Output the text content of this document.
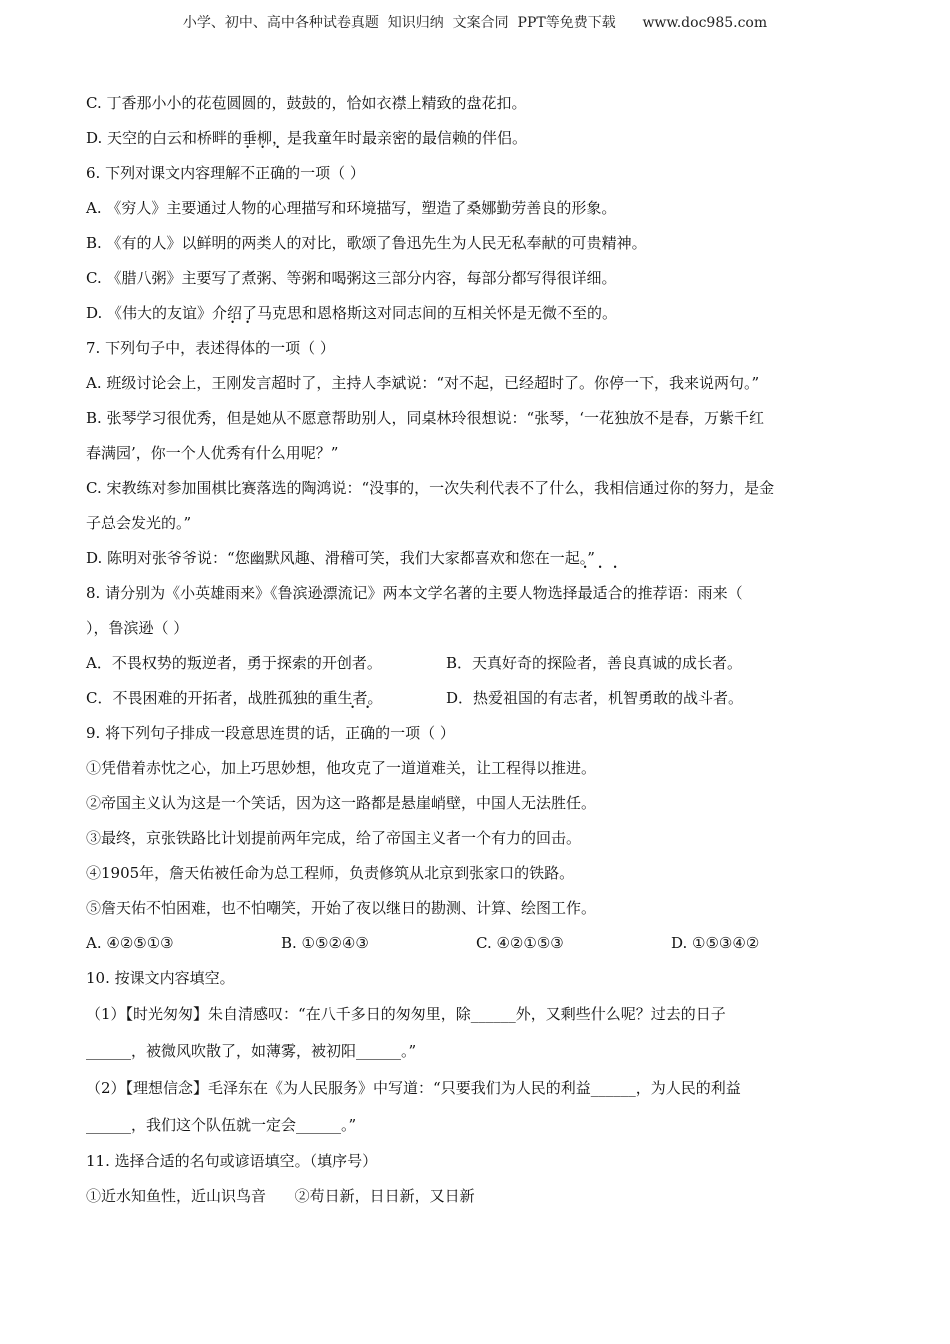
小学、初中、高中各种试卷真题  知识归纳  文案合同  PPT等免费下载      www.doc985.com
C. 丁香那小小的花苞圆圆的，鼓鼓的，恰如衣襟上精致的盘花扣。
D. 天空的白云和桥畔的垂柳，是我童年时最亲密的最信赖的伴侣。
6. 下列对课文内容理解不正确的一项（ ）
A. 《穷人》主要通过人物的心理描写和环境描写，塑造了桑娜勤劳善良的形象。
B. 《有的人》以鲜明的两类人的对比，歌颂了鲁迅先生为人民无私奉献的可贵精神。
C. 《腊八粥》主要写了煮粥、等粥和喝粥这三部分内容，每部分都写得很详细。
D. 《伟大的友谊》介绍了马克思和恩格斯这对同志间的互相关怀是无微不至的。
7. 下列句子中，表述得体的一项（ ）
A. 班级讨论会上，王刚发言超时了，主持人李斌说：“对不起，已经超时了。你停一下，我来说两句。”
B. 张琴学习很优秀，但是她从不愿意帮助别人，同桌林玲很想说：“张琴，‘一花独放不是春，万紫千红
春满园’，你一个人优秀有什么用呢？”
C. 宋教练对参加围棋比赛落选的陶鸿说：“没事的，一次失利代表不了什么，我相信通过你的努力，是金
子总会发光的。”
D. 陈明对张爷爷说：“您幽默风趣、滑稽可笑，我们大家都喜欢和您在一起。”
8. 请分别为《小英雄雨来》《鲁滨逊漂流记》两本文学名著的主要人物选择最适合的推荐语：雨来（
），鲁滨逊（ ）
A．不畏权势的叛逆者，勇于探索的开创者。	B．天真好奇的探险者，善良真诚的成长者。
C．不畏困难的开拓者，战胜孤独的重生者。	D．热爱祖国的有志者，机智勇敢的战斗者。
9. 将下列句子排成一段意思连贯的话，正确的一项（ ）
①凭借着赤忱之心，加上巧思妙想，他攻克了一道道难关，让工程得以推进。
②帝国主义认为这是一个笑话，因为这一路都是悬崖峭壁，中国人无法胜任。
③最终，京张铁路比计划提前两年完成，给了帝国主义者一个有力的回击。
④1905年，詹天佑被任命为总工程师，负责修筑从北京到张家口的铁路。
⑤詹天佑不怕困难，也不怕嘲笑，开始了夜以继日的勘测、计算、绘图工作。
A. ④②⑤①③	B. ①⑤②④③	C. ④②①⑤③	D. ①⑤③④②
10. 按课文内容填空。
（1）【时光匆匆】朱自清感叹：“在八千多日的匆匆里，除______外，又剩些什么呢？过去的日子
______，被微风吹散了，如薄雾，被初阳______。”
（2）【理想信念】毛泽东在《为人民服务》中写道：“只要我们为人民的利益______，为人民的利益
______，我们这个队伍就一定会______。”
11. 选择合适的名句或谚语填空。（填序号）
①近水知鱼性，近山识鸟音      ②苟日新，日日新，又日新
